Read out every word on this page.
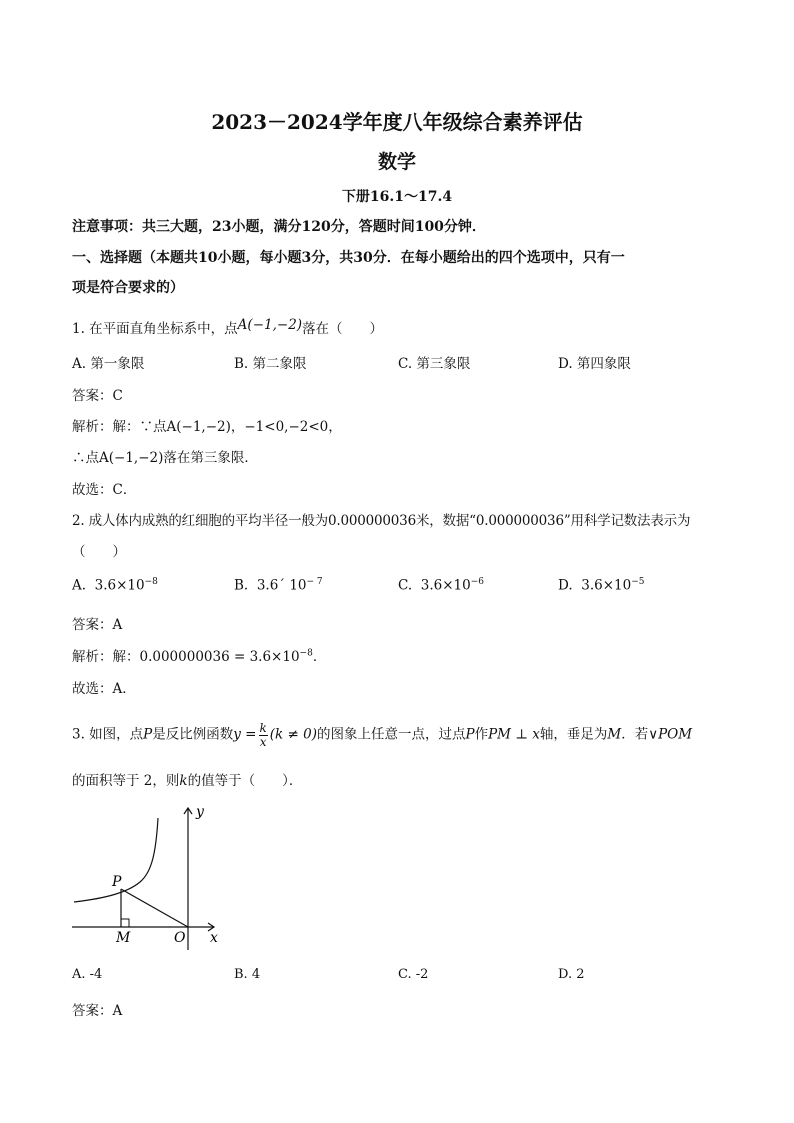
2023－2024学年度八年级综合素养评估
数学
下册16.1～17.4
注意事项：共三大题，23小题，满分120分，答题时间100分钟．
一、选择题（本题共10小题，每小题3分，共30分．在每小题给出的四个选项中，只有一
项是符合要求的）
1. 在平面直角坐标系中，点A(−1,−2)落在（　　）
A. 第一象限	B. 第二象限	C. 第三象限	D. 第四象限
答案：C
解析：解：∵点A(−1,−2)，−1<0,−2<0，
∴点A(−1,−2)落在第三象限．
故选：C．
2. 成人体内成熟的红细胞的平均半径一般为0.000000036米，数据“0.000000036”用科学记数法表示为
（　　）
A. $3.6\times 10^{-8}$	B. 3.6´ $10^{- 7}$	C. $3.6\times 10^{-6}$	D. $3.6\times 10^{-5}$
答案：A
解析：解：$0.000000036 = 3.6\times 10^{-8}$．
故选：A．
3. 如图，点P是反比例函数$y = \frac{k}{x} (k \ne 0)$的图象上任意一点，过点P作PM ⊥ x轴，垂足为M．若∨POM
的面积等于 2，则k的值等于（　　）．
y
x
P
M	O
A. -4	B. 4	C. -2	D. 2
答案：A
